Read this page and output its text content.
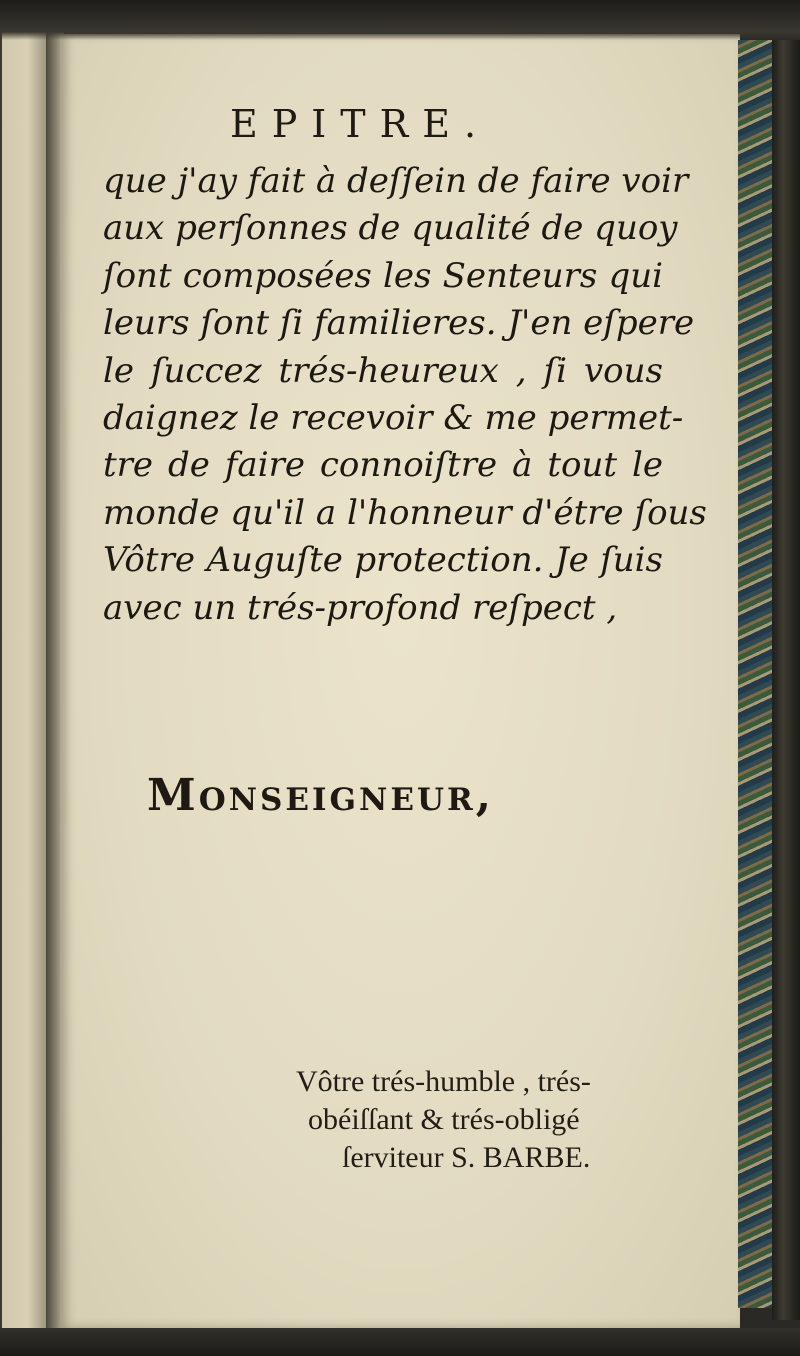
EPITRE.
que j'ay fait à deſſein de faire voir
aux perſonnes de qualité de quoy
ſont composées les Senteurs qui
leurs ſont ſi familieres. J'en eſpere
le ſuccez trés-heureux , ſi vous
daignez le recevoir & me permet-
tre de faire connoiſtre à tout le
monde qu'il a l'honneur d'étre ſous
Vôtre Auguſte protection. Je ſuis
avec un trés-profond reſpect ,
Monseigneur,
Vôtre trés-humble , trés-
obéiſſant & trés-obligé
ſerviteur S. BARBE.
